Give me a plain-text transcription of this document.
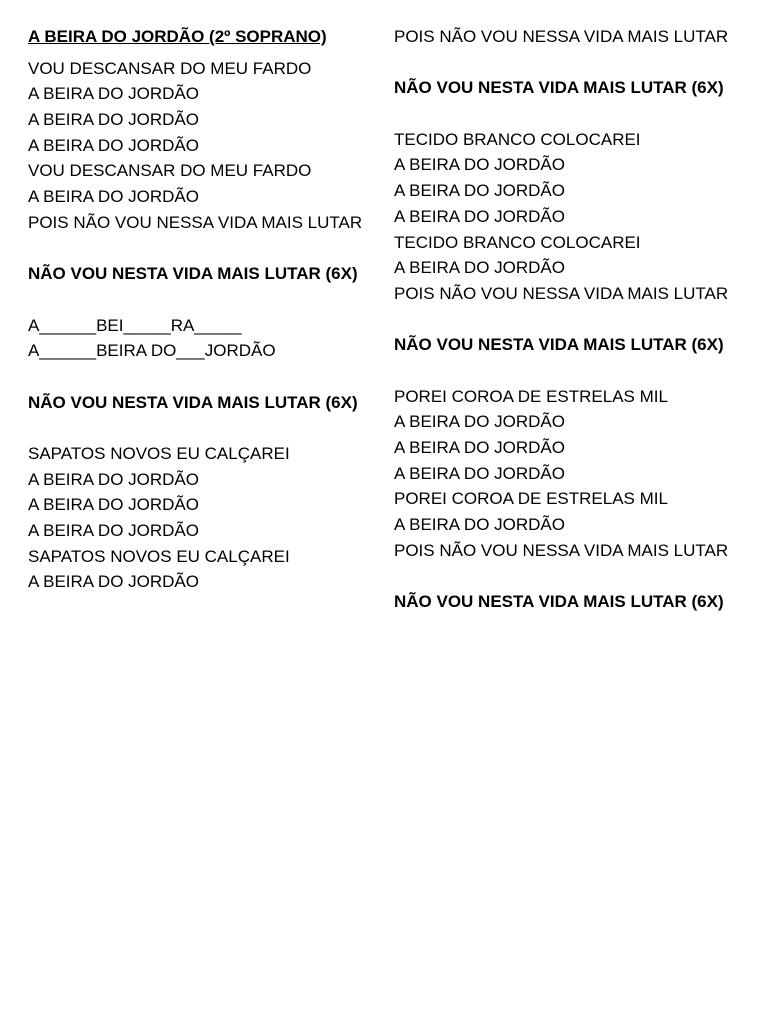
A BEIRA DO JORDÃO (2º SOPRANO)
VOU DESCANSAR DO MEU FARDO
A BEIRA DO JORDÃO
A BEIRA DO JORDÃO
A BEIRA DO JORDÃO
VOU DESCANSAR DO MEU FARDO
A BEIRA DO JORDÃO
POIS NÃO VOU NESSA VIDA MAIS LUTAR
NÃO VOU NESTA VIDA MAIS LUTAR (6X)
A______BEI_____RA_____
A______BEIRA DO___JORDÃO
NÃO VOU NESTA VIDA MAIS LUTAR (6X)
SAPATOS NOVOS EU CALÇAREI
A BEIRA DO JORDÃO
A BEIRA DO JORDÃO
A BEIRA DO JORDÃO
SAPATOS NOVOS EU CALÇAREI
A BEIRA DO JORDÃO
POIS NÃO VOU NESSA VIDA MAIS LUTAR
NÃO VOU NESTA VIDA MAIS LUTAR (6X)
TECIDO BRANCO COLOCAREI
A BEIRA DO JORDÃO
A BEIRA DO JORDÃO
A BEIRA DO JORDÃO
TECIDO BRANCO COLOCAREI
A BEIRA DO JORDÃO
POIS NÃO VOU NESSA VIDA MAIS LUTAR
NÃO VOU NESTA VIDA MAIS LUTAR (6X)
POREI COROA DE ESTRELAS MIL
A BEIRA DO JORDÃO
A BEIRA DO JORDÃO
A BEIRA DO JORDÃO
POREI COROA DE ESTRELAS MIL
A BEIRA DO JORDÃO
POIS NÃO VOU NESSA VIDA MAIS LUTAR
NÃO VOU NESTA VIDA MAIS LUTAR (6X)
